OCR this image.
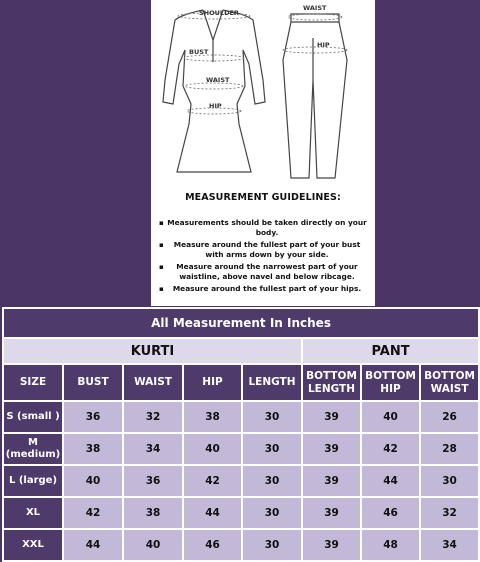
SHOULDER
BUST
WAIST
HIP
WAIST
HIP

MEASUREMENT GUIDELINES:

▪ Measurements should be taken directly on your body.
▪ Measure around the fullest part of your bust with arms down by your side.
▪ Measure around the narrowest part of your waistline, above navel and below ribcage.
▪ Measure around the fullest part of your hips.
All Measurement In Inches							
KURTI					PANT		
SIZE	BUST	WAIST	HIP	LENGTH	BOTTOM LENGTH	BOTTOM HIP	BOTTOM WAIST
S (small )	36	32	38	30	39	40	26
M (medium)	38	34	40	30	39	42	28
L (large)	40	36	42	30	39	44	30
XL	42	38	44	30	39	46	32
XXL	44	40	46	30	39	48	34
